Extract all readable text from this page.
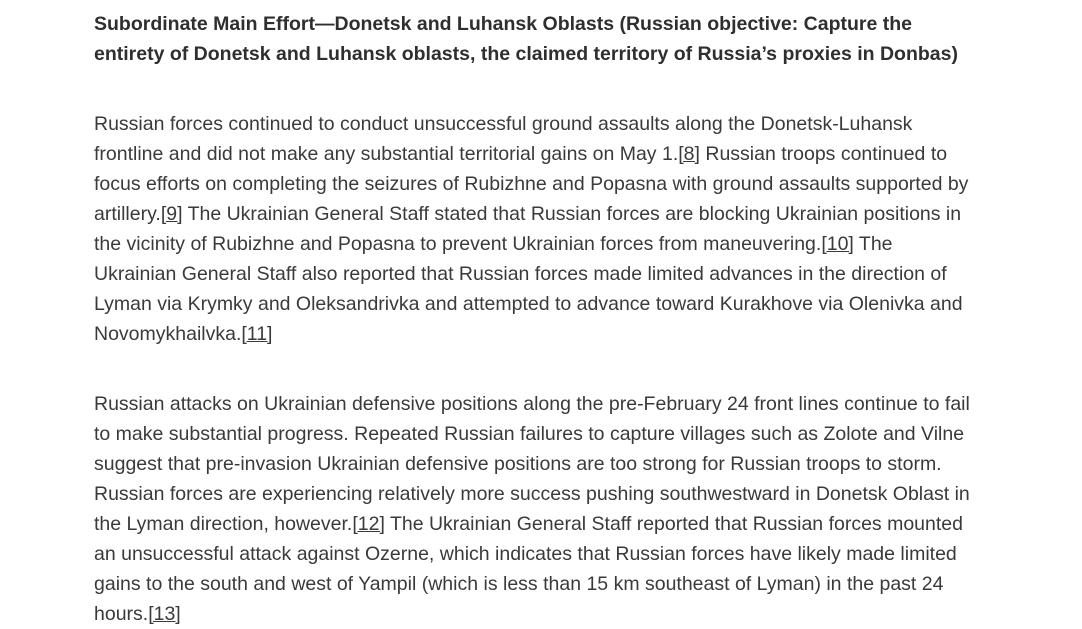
Subordinate Main Effort—Donetsk and Luhansk Oblasts (Russian objective: Capture the
entirety of Donetsk and Luhansk oblasts, the claimed territory of Russia’s proxies in Donbas)

Russian forces continued to conduct unsuccessful ground assaults along the Donetsk-Luhansk
frontline and did not make any substantial territorial gains on May 1.[8] Russian troops continued to
focus efforts on completing the seizures of Rubizhne and Popasna with ground assaults supported by
artillery.[9] The Ukrainian General Staff stated that Russian forces are blocking Ukrainian positions in
the vicinity of Rubizhne and Popasna to prevent Ukrainian forces from maneuvering.[10] The
Ukrainian General Staff also reported that Russian forces made limited advances in the direction of
Lyman via Krymky and Oleksandrivka and attempted to advance toward Kurakhove via Olenivka and
Novomykhailvka.[11]

Russian attacks on Ukrainian defensive positions along the pre-February 24 front lines continue to fail
to make substantial progress. Repeated Russian failures to capture villages such as Zolote and Vilne
suggest that pre-invasion Ukrainian defensive positions are too strong for Russian troops to storm.
Russian forces are experiencing relatively more success pushing southwestward in Donetsk Oblast in
the Lyman direction, however.[12] The Ukrainian General Staff reported that Russian forces mounted
an unsuccessful attack against Ozerne, which indicates that Russian forces have likely made limited
gains to the south and west of Yampil (which is less than 15 km southeast of Lyman) in the past 24
hours.[13]
